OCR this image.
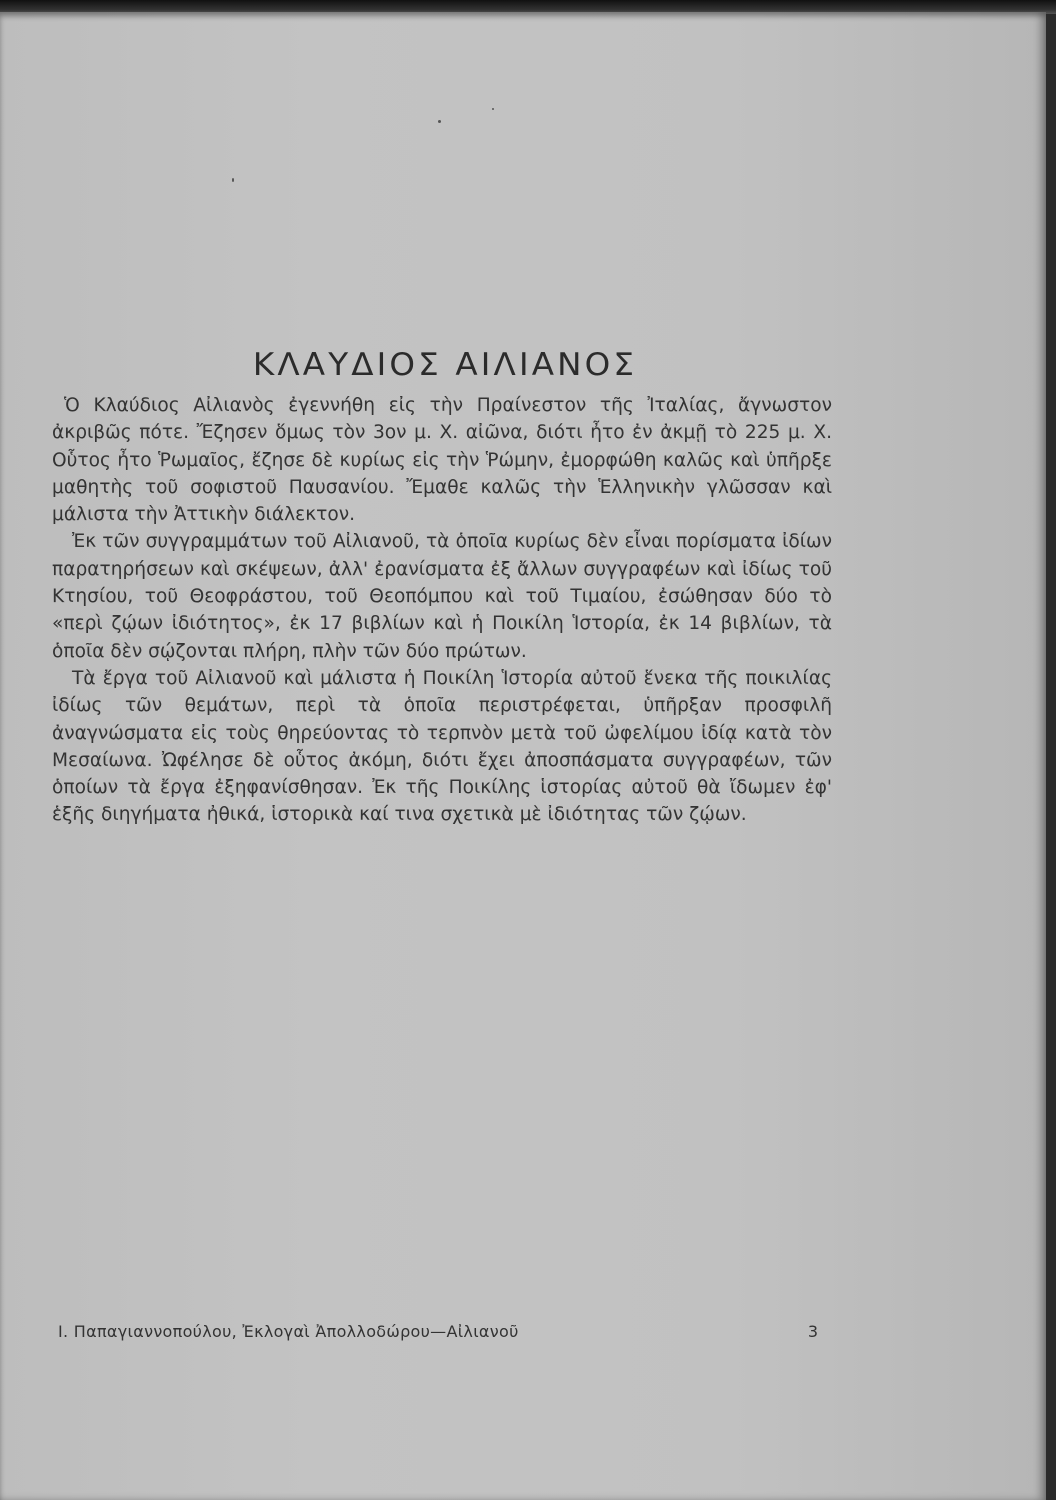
ΚΛΑΥΔΙΟΣ ΑΙΛΙΑΝΟΣ

Ὁ Κλαύδιος Αἰλιανὸς ἐγεννήθη εἰς τὴν Πραίνεστον τῆς Ἰταλίας, ἄγνωστον ἀκριβῶς πότε. Ἔζησεν ὅμως τὸν 3ον μ. Χ. αἰῶνα, διότι ἦτο ἐν ἀκμῇ τὸ 225 μ. Χ. Οὗτος ἦτο Ῥωμαῖος, ἔζησε δὲ κυρίως εἰς τὴν Ῥώμην, ἐμορφώθη καλῶς καὶ ὑπῆρξε μαθητὴς τοῦ σοφιστοῦ Παυσανίου. Ἔμαθε καλῶς τὴν Ἑλληνικὴν γλῶσσαν καὶ μάλιστα τὴν Ἀττικὴν διάλεκτον.

Ἐκ τῶν συγγραμμάτων τοῦ Αἰλιανοῦ, τὰ ὁποῖα κυρίως δὲν εἶναι πορίσματα ἰδίων παρατηρήσεων καὶ σκέψεων, ἀλλ' ἐρανίσματα ἐξ ἄλλων συγγραφέων καὶ ἰδίως τοῦ Κτησίου, τοῦ Θεοφράστου, τοῦ Θεοπόμπου καὶ τοῦ Τιμαίου, ἐσώθησαν δύο τὸ «περὶ ζῴων ἰδιότητος», ἐκ 17 βιβλίων καὶ ἡ Ποικίλη Ἱστορία, ἐκ 14 βιβλίων, τὰ ὁποῖα δὲν σῴζονται πλήρη, πλὴν τῶν δύο πρώτων.

Τὰ ἔργα τοῦ Αἰλιανοῦ καὶ μάλιστα ἡ Ποικίλη Ἱστορία αὐτοῦ ἕνεκα τῆς ποικιλίας ἰδίως τῶν θεμάτων, περὶ τὰ ὁποῖα περιστρέφεται, ὑπῆρξαν προσφιλῆ ἀναγνώσματα εἰς τοὺς θηρεύοντας τὸ τερπνὸν μετὰ τοῦ ὠφελίμου ἰδίᾳ κατὰ τὸν Μεσαίωνα. Ὠφέλησε δὲ οὗτος ἀκόμη, διότι ἔχει ἀποσπάσματα συγγραφέων, τῶν ὁποίων τὰ ἔργα ἐξηφανίσθησαν. Ἐκ τῆς Ποικίλης ἱστορίας αὐτοῦ θὰ ἴδωμεν ἐφ' ἑξῆς διηγήματα ἠθικά, ἱστορικὰ καί τινα σχετικὰ μὲ ἰδιότητας τῶν ζῴων.

Ι. Παπαγιαννοπούλου, Ἐκλογαὶ Ἀπολλοδώρου—Αἰλιανοῦ	3
